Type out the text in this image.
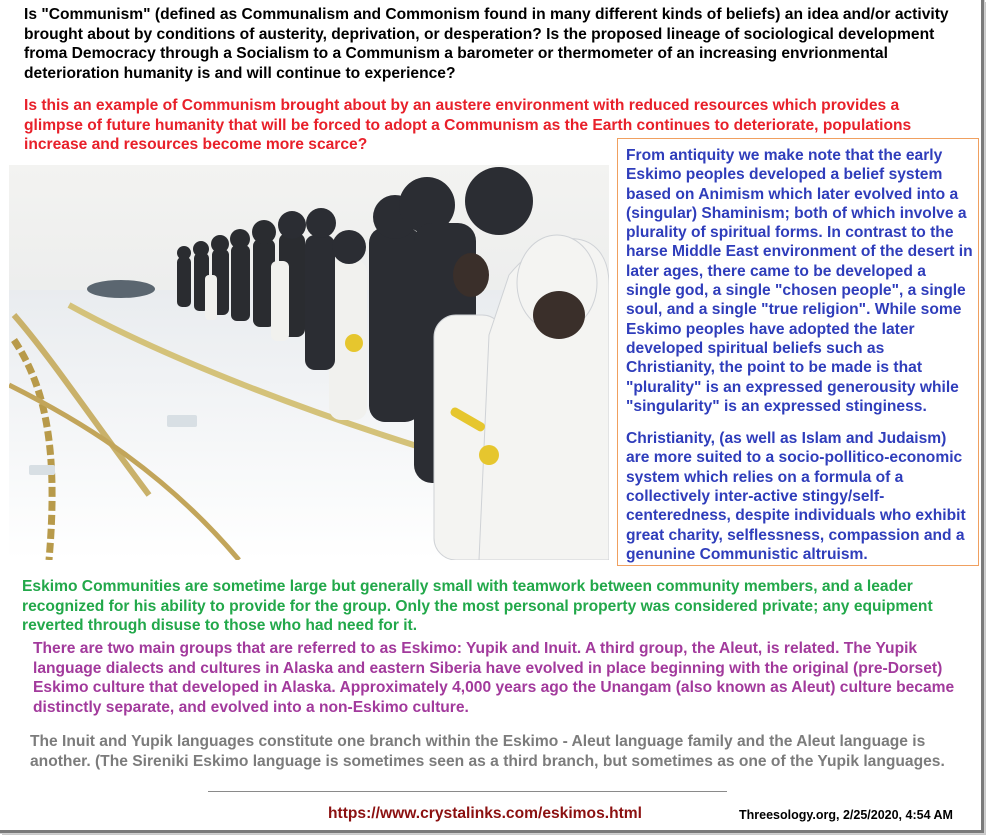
Is "Communism" (defined as Communalism and Commonism found in many different kinds of beliefs) an idea and/or activity brought about by conditions of austerity, deprivation, or desperation? Is the proposed lineage of sociological development froma Democracy through a Socialism to a Communism a barometer or thermometer of an increasing envrionmental deterioration humanity is and will continue to experience?
Is this an example of Communism brought about by an austere environment with reduced resources which provides a glimpse of future humanity that will be forced to adopt a Communism as the Earth continues to deteriorate, populations increase and resources become more scarce?

From antiquity we make note that the early Eskimo peoples developed a belief system based on Animism which later evolved into a (singular) Shaminism; both of which involve a plurality of spiritual forms. In contrast to the harse Middle East environment of the desert in later ages, there came to be developed a single god, a single "chosen people", a single soul, and a single "true religion". While some Eskimo peoples have adopted the later developed spiritual beliefs such as Christianity, the point to be made is that "plurality" is an expressed generousity while "singularity" is an expressed stinginess.

Christianity, (as well as Islam and Judaism) are more suited to a socio-pollitico-economic system which relies on a formula of a collectively inter-active stingy/self-centeredness, despite individuals who exhibit great charity, selflessness, compassion and a genunine Communistic altruism.

Eskimo Communities are sometime large but generally small with teamwork between community members, and a leader recognized for his ability to provide for the group. Only the most personal property was considered private; any equipment reverted through disuse to those who had need for it.
There are two main groups that are referred to as Eskimo: Yupik and Inuit. A third group, the Aleut, is related. The Yupik language dialects and cultures in Alaska and eastern Siberia have evolved in place beginning with the original (pre-Dorset) Eskimo culture that developed in Alaska. Approximately 4,000 years ago the Unangam (also known as Aleut) culture became distinctly separate, and evolved into a non-Eskimo culture.
The Inuit and Yupik languages constitute one branch within the Eskimo - Aleut language family and the Aleut language is another. (The Sireniki Eskimo language is sometimes seen as a third branch, but sometimes as one of the Yupik languages.
https://www.crystalinks.com/eskimos.html	Threesology.org, 2/25/2020, 4:54 AM
